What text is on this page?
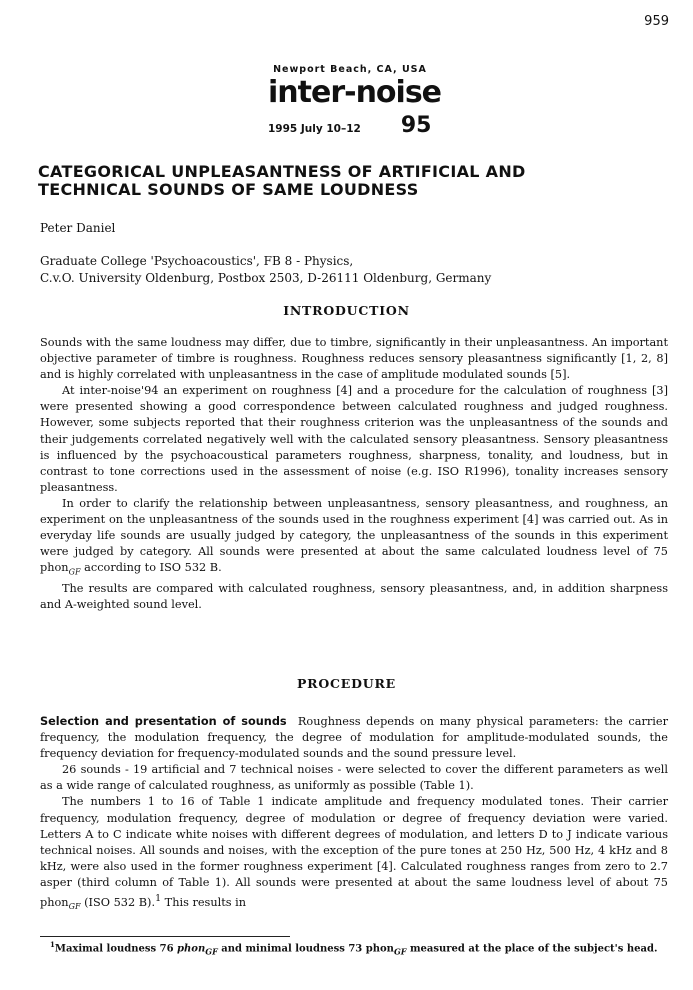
959
Newport Beach, CA, USA
inter-noise
1995 July 10–12 95
CATEGORICAL UNPLEASANTNESS OF ARTIFICIAL AND
TECHNICAL SOUNDS OF SAME LOUDNESS
Peter Daniel
Graduate College 'Psychoacoustics', FB 8 - Physics,
C.v.O. University Oldenburg, Postbox 2503, D-26111 Oldenburg, Germany
INTRODUCTION

Sounds with the same loudness may differ, due to timbre, significantly in their unpleasantness. An important objective parameter of timbre is roughness. Roughness reduces sensory pleasantness significantly [1, 2, 8] and is highly correlated with unpleasantness in the case of amplitude modulated sounds [5].

At inter-noise'94 an experiment on roughness [4] and a procedure for the calculation of roughness [3] were presented showing a good correspondence between calculated roughness and judged roughness. However, some subjects reported that their roughness criterion was the unpleasantness of the sounds and their judgements correlated negatively well with the calculated sensory pleasantness. Sensory pleasantness is influenced by the psychoacoustical parameters roughness, sharpness, tonality, and loudness, but in contrast to tone corrections used in the assessment of noise (e.g. ISO R1996), tonality increases sensory pleasantness.

In order to clarify the relationship between unpleasantness, sensory pleasantness, and roughness, an experiment on the unpleasantness of the sounds used in the roughness experiment [4] was carried out. As in everyday life sounds are usually judged by category, the unpleasantness of the sounds in this experiment were judged by category. All sounds were presented at about the same calculated loudness level of 75 phon$_{GF}$ according to ISO 532 B.

The results are compared with calculated roughness, sensory pleasantness, and, in addition sharpness and A-weighted sound level.

PROCEDURE

Selection and presentation of sounds Roughness depends on many physical parameters: the carrier frequency, the modulation frequency, the degree of modulation for amplitude-modulated sounds, the frequency deviation for frequency-modulated sounds and the sound pressure level.

26 sounds - 19 artificial and 7 technical noises - were selected to cover the different parameters as well as a wide range of calculated roughness, as uniformly as possible (Table 1).

The numbers 1 to 16 of Table 1 indicate amplitude and frequency modulated tones. Their carrier frequency, modulation frequency, degree of modulation or degree of frequency deviation were varied. Letters A to C indicate white noises with different degrees of modulation, and letters D to J indicate various technical noises. All sounds and noises, with the exception of the pure tones at 250 Hz, 500 Hz, 4 kHz and 8 kHz, were also used in the former roughness experiment [4]. Calculated roughness ranges from zero to 2.7 asper (third column of Table 1). All sounds were presented at about the same loudness level of about 75 phon$_{GF}$ (ISO 532 B).$^1$ This results in

$^1$Maximal loudness 76 phon$_{GF}$ and minimal loudness 73 phon$_{GF}$ measured at the place of the subject's head.
